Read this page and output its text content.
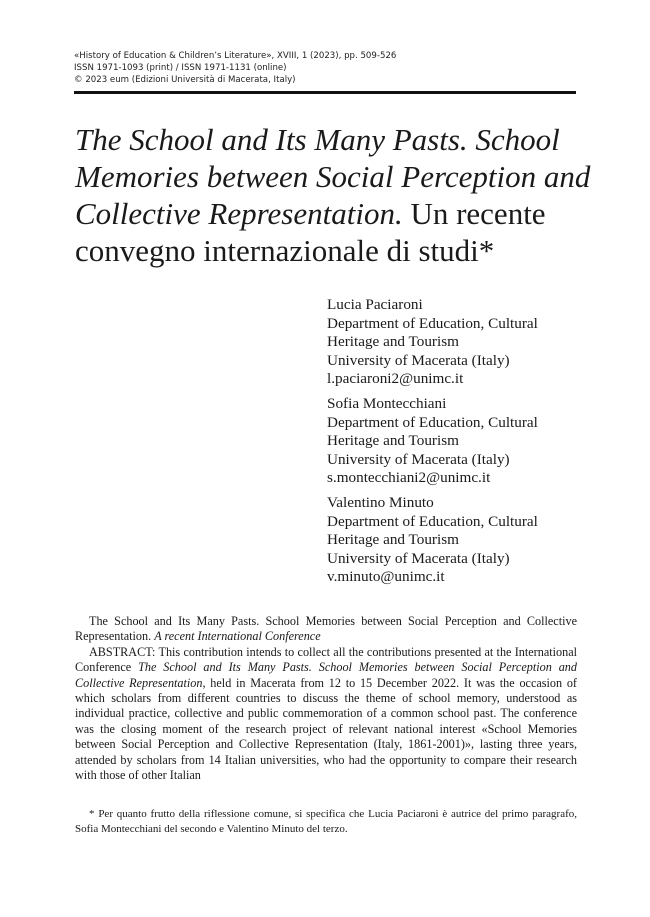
«History of Education & Children’s Literature», XVIII, 1 (2023), pp. 509-526
ISSN 1971-1093 (print) / ISSN 1971-1131 (online)
© 2023 eum (Edizioni Università di Macerata, Italy)
The School and Its Many Pasts. School Memories between Social Perception and Collective Representation. Un recente convegno internazionale di studi*
Lucia Paciaroni
Department of Education, Cultural
Heritage and Tourism
University of Macerata (Italy)
l.paciaroni2@unimc.it
Sofia Montecchiani
Department of Education, Cultural
Heritage and Tourism
University of Macerata (Italy)
s.montecchiani2@unimc.it
Valentino Minuto
Department of Education, Cultural
Heritage and Tourism
University of Macerata (Italy)
v.minuto@unimc.it

The School and Its Many Pasts. School Memories between Social Perception and Collective Representation. A recent International Conference

ABSTRACT: This contribution intends to collect all the contributions presented at the International Conference The School and Its Many Pasts. School Memories between Social Perception and Collective Representation, held in Macerata from 12 to 15 December 2022. It was the occasion of which scholars from different countries to discuss the theme of school memory, understood as individual practice, collective and public commemoration of a common school past. The conference was the closing moment of the research project of relevant national interest «School Memories between Social Perception and Collective Representation (Italy, 1861-2001)», lasting three years, attended by scholars from 14 Italian universities, who had the opportunity to compare their research with those of other Italian

* Per quanto frutto della riflessione comune, si specifica che Lucia Paciaroni è autrice del primo paragrafo, Sofia Montecchiani del secondo e Valentino Minuto del terzo.
